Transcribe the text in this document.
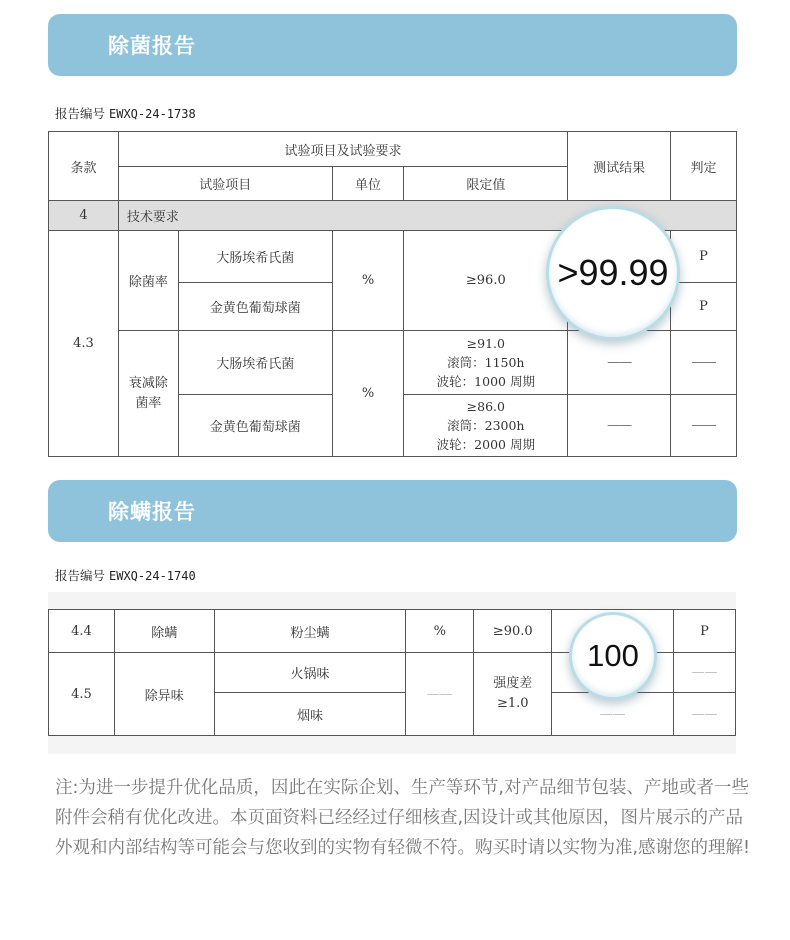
除菌报告
报告编号 EWXQ-24-1738
条款	试验项目及试验要求				测试结果	判定
	试验项目		单位	限定值		
4	技术要求					
4.3	除菌率	大肠埃希氏菌	%	≥96.0		P
		金黄色葡萄球菌				P
	衰减除菌率	大肠埃希氏菌	%	≥91.0
滚筒：1150h
波轮：1000 周期	——	——
		金黄色葡萄球菌		≥86.0
滚筒：2300h
波轮：2000 周期	——	——
>99.99
除螨报告
报告编号 EWXQ-24-1740
4.4	除螨	粉尘螨	%	≥90.0		P
4.5	除异味	火锅味	——	强度差≥1.0		——
		烟味			——	——
100
注:为进一步提升优化品质，因此在实际企划、生产等环节,对产品细节包装、产地或者一些附件会稍有优化改进。本页面资料已经经过仔细核查,因设计或其他原因，图片展示的产品外观和内部结构等可能会与您收到的实物有轻微不符。购买时请以实物为准,感谢您的理解!
